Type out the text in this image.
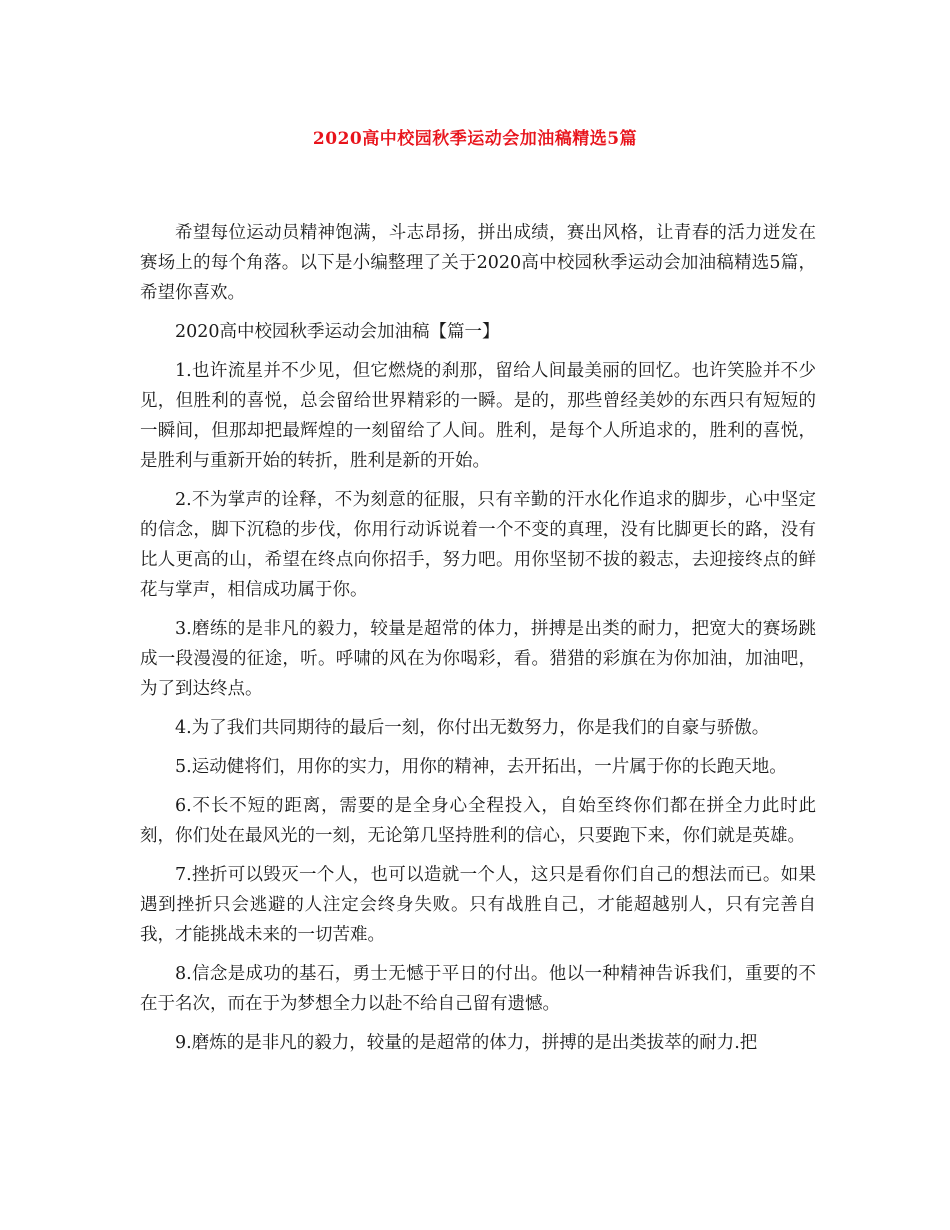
2020高中校园秋季运动会加油稿精选5篇

希望每位运动员精神饱满，斗志昂扬，拼出成绩，赛出风格，让青春的活力迸发在赛场上的每个角落。以下是小编整理了关于2020高中校园秋季运动会加油稿精选5篇，希望你喜欢。

2020高中校园秋季运动会加油稿【篇一】

1.也许流星并不少见，但它燃烧的刹那，留给人间最美丽的回忆。也许笑脸并不少见，但胜利的喜悦，总会留给世界精彩的一瞬。是的，那些曾经美妙的东西只有短短的一瞬间，但那却把最辉煌的一刻留给了人间。胜利，是每个人所追求的，胜利的喜悦，是胜利与重新开始的转折，胜利是新的开始。

2.不为掌声的诠释，不为刻意的征服，只有辛勤的汗水化作追求的脚步，心中坚定的信念，脚下沉稳的步伐，你用行动诉说着一个不变的真理，没有比脚更长的路，没有比人更高的山，希望在终点向你招手，努力吧。用你坚韧不拔的毅志，去迎接终点的鲜花与掌声，相信成功属于你。

3.磨练的是非凡的毅力，较量是超常的体力，拼搏是出类的耐力，把宽大的赛场跳成一段漫漫的征途，听。呼啸的风在为你喝彩，看。猎猎的彩旗在为你加油，加油吧，为了到达终点。

4.为了我们共同期待的最后一刻，你付出无数努力，你是我们的自豪与骄傲。

5.运动健将们，用你的实力，用你的精神，去开拓出，一片属于你的长跑天地。

6.不长不短的距离，需要的是全身心全程投入，自始至终你们都在拼全力此时此刻，你们处在最风光的一刻，无论第几坚持胜利的信心，只要跑下来，你们就是英雄。

7.挫折可以毁灭一个人，也可以造就一个人，这只是看你们自己的想法而已。如果遇到挫折只会逃避的人注定会终身失败。只有战胜自己，才能超越别人，只有完善自我，才能挑战未来的一切苦难。

8.信念是成功的基石，勇士无憾于平日的付出。他以一种精神告诉我们，重要的不在于名次，而在于为梦想全力以赴不给自己留有遗憾。

9.磨炼的是非凡的毅力，较量的是超常的体力，拼搏的是出类拔萃的耐力.把
